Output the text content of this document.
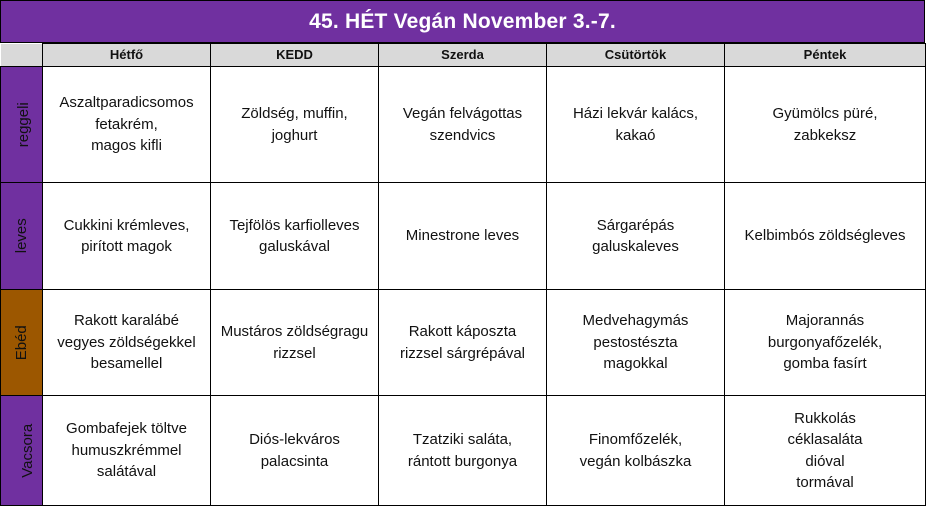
45. HÉT Vegán November 3.-7.
	Hétfő	KEDD	Szerda	Csütörtök	Péntek
reggeli	Aszaltparadicsomos
fetakrém,
magos kifli	Zöldség, muffin,
joghurt	Vegán felvágottas
szendvics	Házi lekvár kalács,
kakaó	Gyümölcs püré,
zabkeksz
leves	Cukkini krémleves,
pirított magok	Tejfölös karfiolleves
galuskával	Minestrone leves	Sárgarépás
galuskaleves	Kelbimbós zöldségleves
Ebéd	Rakott karalábé
vegyes zöldségekkel
besamellel	Mustáros zöldségragu
rizzsel	Rakott káposzta
rizzsel sárgrépával	Medvehagymás
pestostészta
magokkal	Majorannás
burgonyafőzelék,
gomba fasírt
Vacsora	Gombafejek töltve
humuszkrémmel
salátával	Diós-lekváros
palacsinta	Tzatziki saláta,
rántott burgonya	Finomfőzelék,
vegán kolbászka	Rukkolás
céklasaláta
dióval
tormával
